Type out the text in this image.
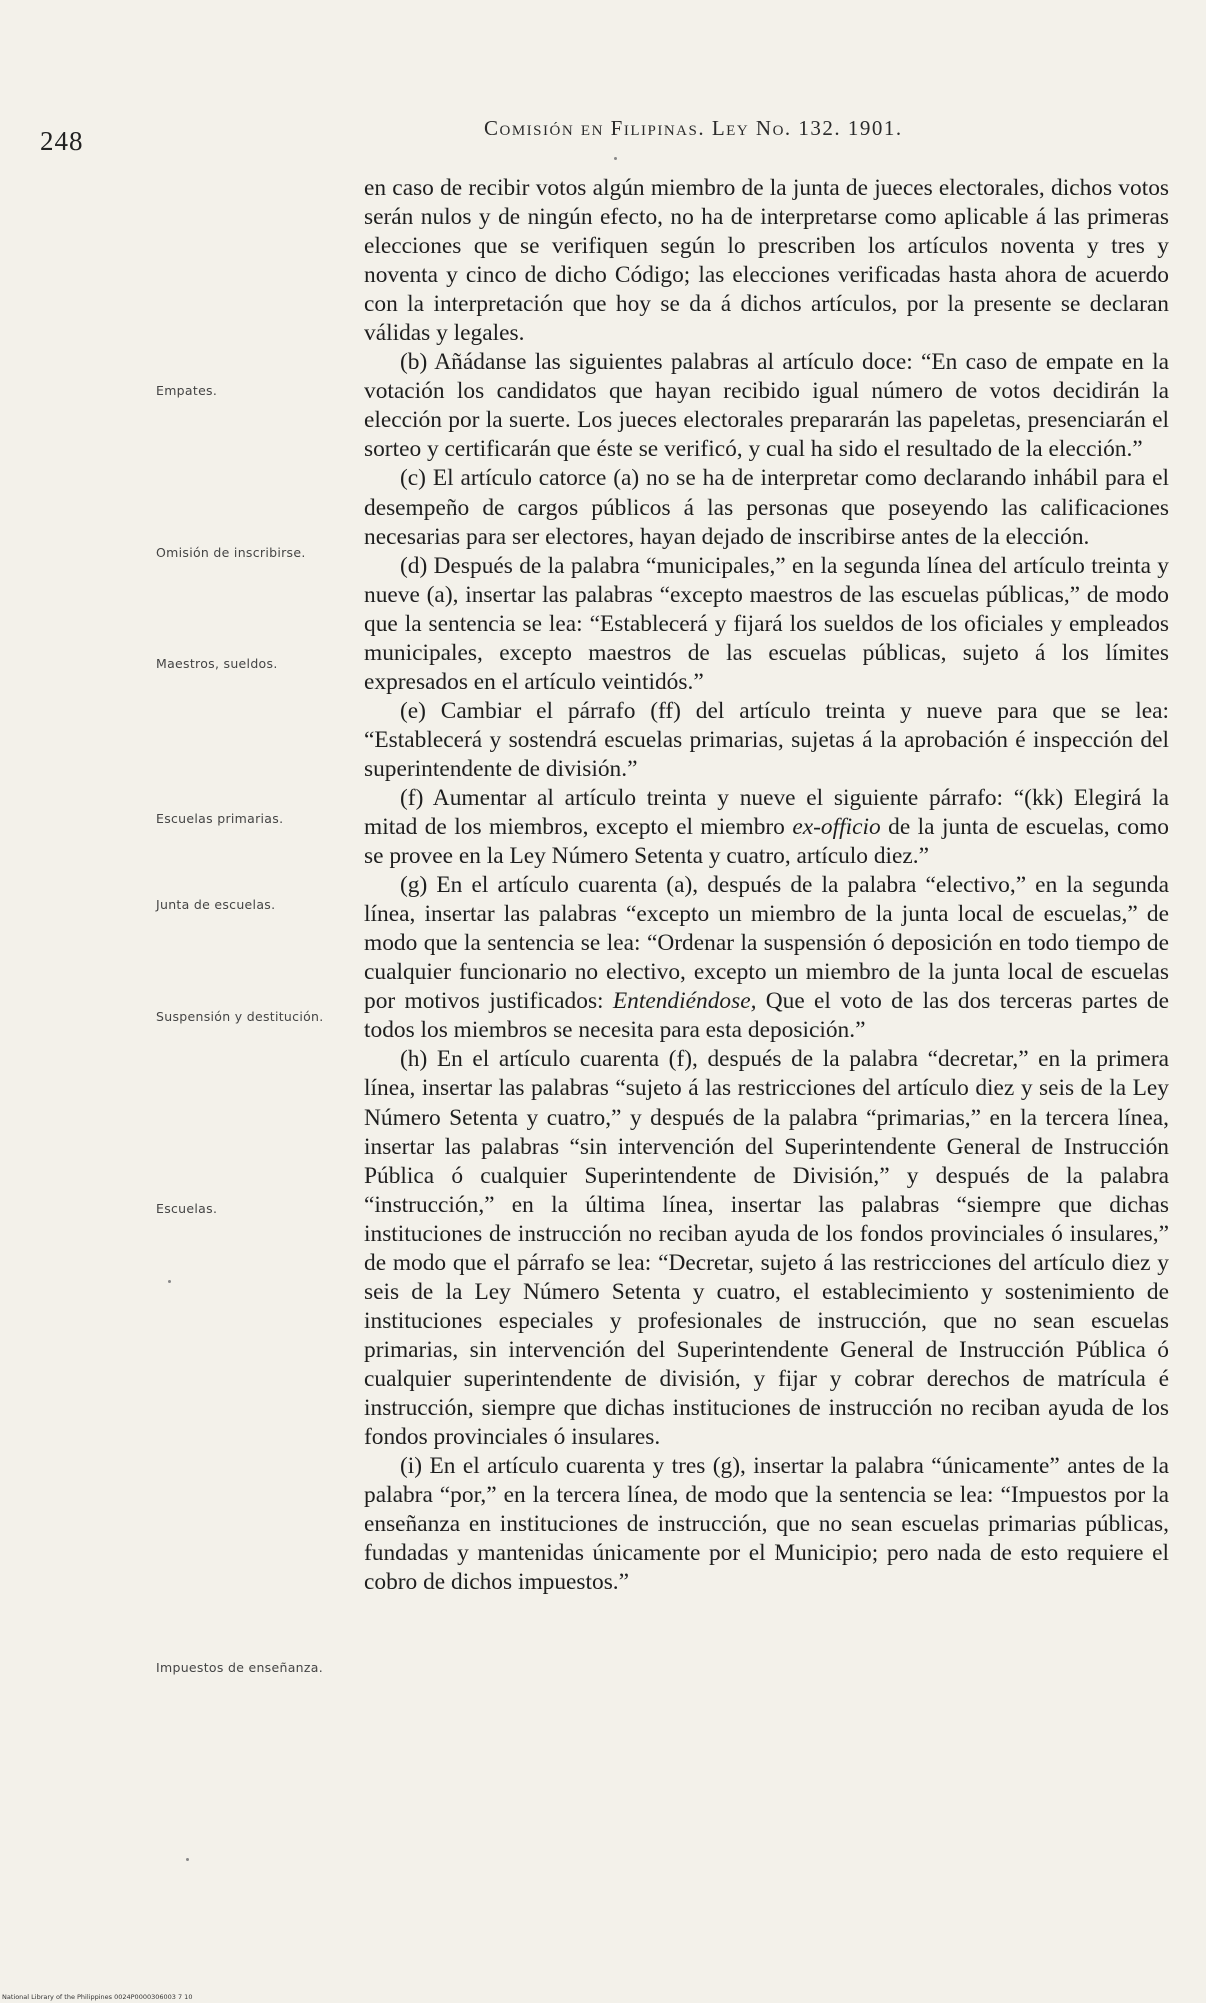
248	Comisión en Filipinas. Ley No. 132. 1901.
Empates.
Omisión de inscribirse.
Maestros, sueldos.
Escuelas primarias.
Junta de escuelas.
Suspensión y destitución.
Escuelas.
Impuestos de enseñanza.

en caso de recibir votos algún miembro de la junta de jueces electorales, dichos votos serán nulos y de ningún efecto, no ha de interpretarse como aplicable á las primeras elecciones que se verifiquen según lo prescriben los artículos noventa y tres y noventa y cinco de dicho Código; las elecciones verificadas hasta ahora de acuerdo con la interpretación que hoy se da á dichos artículos, por la presente se declaran válidas y legales.

(b) Añádanse las siguientes palabras al artículo doce: “En caso de empate en la votación los candidatos que hayan recibido igual número de votos decidirán la elección por la suerte. Los jueces electorales prepararán las papeletas, presenciarán el sorteo y certificarán que éste se verificó, y cual ha sido el resultado de la elección.”

(c) El artículo catorce (a) no se ha de interpretar como declarando inhábil para el desempeño de cargos públicos á las personas que poseyendo las calificaciones necesarias para ser electores, hayan dejado de inscribirse antes de la elección.

(d) Después de la palabra “municipales,” en la segunda línea del artículo treinta y nueve (a), insertar las palabras “excepto maestros de las escuelas públicas,” de modo que la sentencia se lea: “Establecerá y fijará los sueldos de los oficiales y empleados municipales, excepto maestros de las escuelas públicas, sujeto á los límites expresados en el artículo veintidós.”

(e) Cambiar el párrafo (ff) del artículo treinta y nueve para que se lea: “Establecerá y sostendrá escuelas primarias, sujetas á la aprobación é inspección del superintendente de división.”

(f) Aumentar al artículo treinta y nueve el siguiente párrafo: “(kk) Elegirá la mitad de los miembros, excepto el miembro ex-officio de la junta de escuelas, como se provee en la Ley Número Setenta y cuatro, artículo diez.”

(g) En el artículo cuarenta (a), después de la palabra “electivo,” en la segunda línea, insertar las palabras “excepto un miembro de la junta local de escuelas,” de modo que la sentencia se lea: “Ordenar la suspensión ó deposición en todo tiempo de cualquier funcionario no electivo, excepto un miembro de la junta local de escuelas por motivos justificados: Entendiéndose, Que el voto de las dos terceras partes de todos los miembros se necesita para esta deposición.”

(h) En el artículo cuarenta (f), después de la palabra “decretar,” en la primera línea, insertar las palabras “sujeto á las restricciones del artículo diez y seis de la Ley Número Setenta y cuatro,” y después de la palabra “primarias,” en la tercera línea, insertar las palabras “sin intervención del Superintendente General de Instrucción Pública ó cualquier Superintendente de División,” y después de la palabra “instrucción,” en la última línea, insertar las palabras “siempre que dichas instituciones de instrucción no reciban ayuda de los fondos provinciales ó insulares,” de modo que el párrafo se lea: “Decretar, sujeto á las restricciones del artículo diez y seis de la Ley Número Setenta y cuatro, el establecimiento y sostenimiento de instituciones especiales y profesionales de instrucción, que no sean escuelas primarias, sin intervención del Superintendente General de Instrucción Pública ó cualquier superintendente de división, y fijar y cobrar derechos de matrícula é instrucción, siempre que dichas instituciones de instrucción no reciban ayuda de los fondos provinciales ó insulares.

(i) En el artículo cuarenta y tres (g), insertar la palabra “únicamente” antes de la palabra “por,” en la tercera línea, de modo que la sentencia se lea: “Impuestos por la enseñanza en instituciones de instrucción, que no sean escuelas primarias públicas, fundadas y mantenidas únicamente por el Municipio; pero nada de esto requiere el cobro de dichos impuestos.”

National Library of the Philippines 0024P0000306003 7 10
